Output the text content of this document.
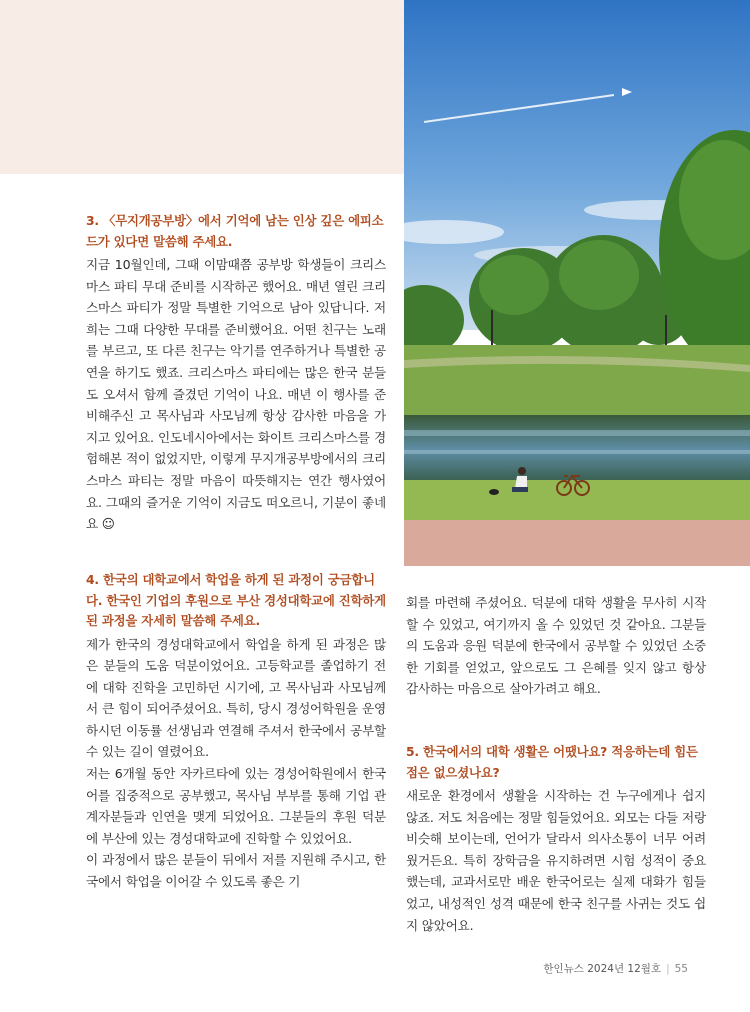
3. 〈무지개공부방〉에서 기억에 남는 인상 깊은 에피소드가 있다면 말씀해 주세요.

지금 10월인데, 그때 이맘때쯤 공부방 학생들이 크리스마스 파티 무대 준비를 시작하곤 했어요. 매년 열린 크리스마스 파티가 정말 특별한 기억으로 남아 있답니다. 저희는 그때 다양한 무대를 준비했어요. 어떤 친구는 노래를 부르고, 또 다른 친구는 악기를 연주하거나 특별한 공연을 하기도 했죠. 크리스마스 파티에는 많은 한국 분들도 오셔서 함께 즐겼던 기억이 나요. 매년 이 행사를 준비해주신 고 목사님과 사모님께 항상 감사한 마음을 가지고 있어요. 인도네시아에서는 화이트 크리스마스를 경험해본 적이 없었지만, 이렇게 무지개공부방에서의 크리스마스 파티는 정말 마음이 따뜻해지는 연간 행사였어요. 그때의 즐거운 기억이 지금도 떠오르니, 기분이 좋네요 ☺

4. 한국의 대학교에서 학업을 하게 된 과정이 궁금합니다. 한국인 기업의 후원으로 부산 경성대학교에 진학하게 된 과정을 자세히 말씀해 주세요.

제가 한국의 경성대학교에서 학업을 하게 된 과정은 많은 분들의 도움 덕분이었어요. 고등학교를 졸업하기 전에 대학 진학을 고민하던 시기에, 고 목사님과 사모님께서 큰 힘이 되어주셨어요. 특히, 당시 경성어학원을 운영하시던 이동률 선생님과 연결해 주셔서 한국에서 공부할 수 있는 길이 열렸어요.

저는 6개월 동안 자카르타에 있는 경성어학원에서 한국어를 집중적으로 공부했고, 목사님 부부를 통해 기업 관계자분들과 인연을 맺게 되었어요. 그분들의 후원 덕분에 부산에 있는 경성대학교에 진학할 수 있었어요.

이 과정에서 많은 분들이 뒤에서 저를 지원해 주시고, 한국에서 학업을 이어갈 수 있도록 좋은 기

회를 마련해 주셨어요. 덕분에 대학 생활을 무사히 시작할 수 있었고, 여기까지 올 수 있었던 것 같아요. 그분들의 도움과 응원 덕분에 한국에서 공부할 수 있었던 소중한 기회를 얻었고, 앞으로도 그 은혜를 잊지 않고 항상 감사하는 마음으로 살아가려고 해요.

5. 한국에서의 대학 생활은 어땠나요? 적응하는데 힘든 점은 없으셨나요?

새로운 환경에서 생활을 시작하는 건 누구에게나 쉽지 않죠. 저도 처음에는 정말 힘들었어요. 외모는 다들 저랑 비슷해 보이는데, 언어가 달라서 의사소통이 너무 어려웠거든요. 특히 장학금을 유지하려면 시험 성적이 중요했는데, 교과서로만 배운 한국어로는 실제 대화가 힘들었고, 내성적인 성격 때문에 한국 친구를 사귀는 것도 쉽지 않았어요.

한인뉴스 2024년 12월호 | 55
